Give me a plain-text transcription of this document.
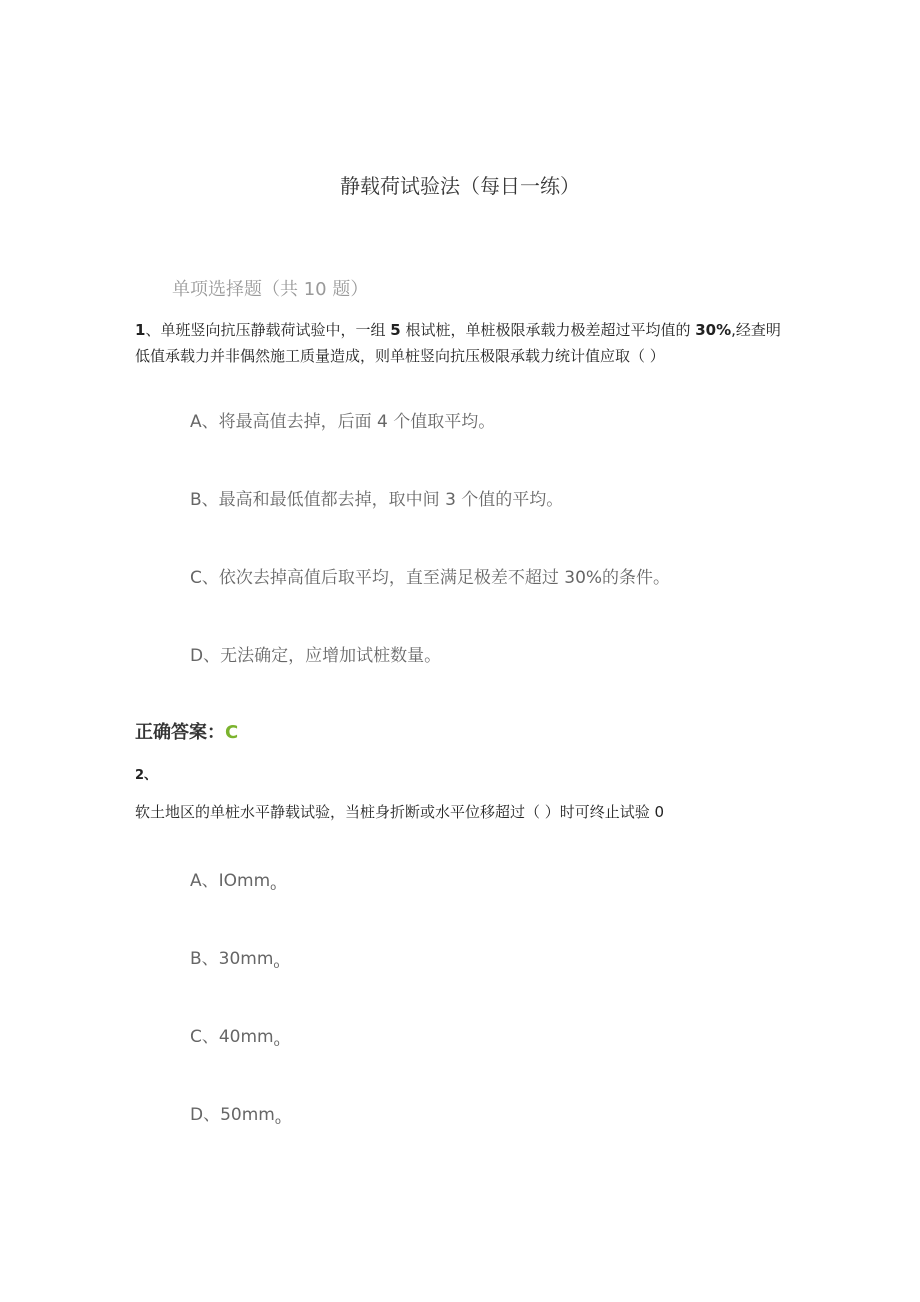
静载荷试验法（每日一练）
单项选择题（共 10 题）
1、单班竖向抗压静载荷试验中，一组 5 根试桩，单桩极限承载力极差超过平均值的 30%,经查明
低值承载力并非偶然施工质量造成，则单桩竖向抗压极限承载力统计值应取（ ）
A、将最高值去掉，后面 4 个值取平均。
B、最高和最低值都去掉，取中间 3 个值的平均。
C、依次去掉高值后取平均，直至满足极差不超过 30%的条件。
D、无法确定，应增加试桩数量。
正确答案：C
2、
软土地区的单桩水平静载试验，当桩身折断或水平位移超过（ ）时可终止试验 0
A、IOmm$_o$
B、$30mm_o$
C、$40mm_o$
D、$50mm_o$
